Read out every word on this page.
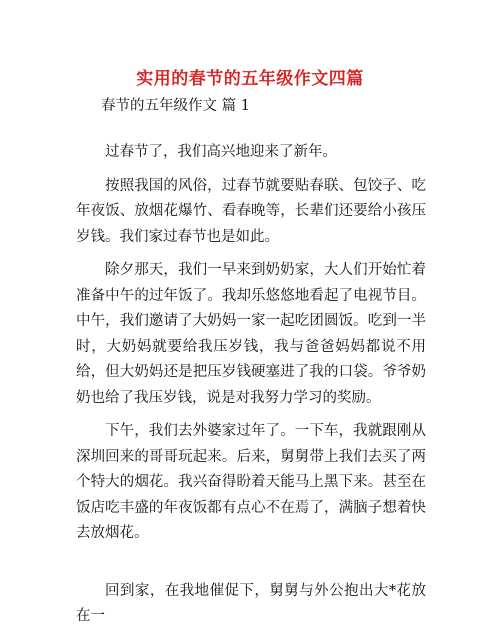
实用的春节的五年级作文四篇
春节的五年级作文 篇 1

过春节了，我们高兴地迎来了新年。

按照我国的风俗，过春节就要贴春联、包饺子、吃年夜饭、放烟花爆竹、看春晚等，长辈们还要给小孩压岁钱。我们家过春节也是如此。

除夕那天，我们一早来到奶奶家，大人们开始忙着准备中午的过年饭了。我却乐悠悠地看起了电视节目。中午，我们邀请了大奶妈一家一起吃团圆饭。吃到一半时，大奶妈就要给我压岁钱，我与爸爸妈妈都说不用给，但大奶妈还是把压岁钱硬塞进了我的口袋。爷爷奶奶也给了我压岁钱，说是对我努力学习的奖励。

下午，我们去外婆家过年了。一下车，我就跟刚从深圳回来的哥哥玩起来。后来，舅舅带上我们去买了两个特大的烟花。我兴奋得盼着天能马上黑下来。甚至在饭店吃丰盛的年夜饭都有点心不在焉了，满脑子想着快去放烟花。

回到家，在我地催促下，舅舅与外公抱出大*花放在一
